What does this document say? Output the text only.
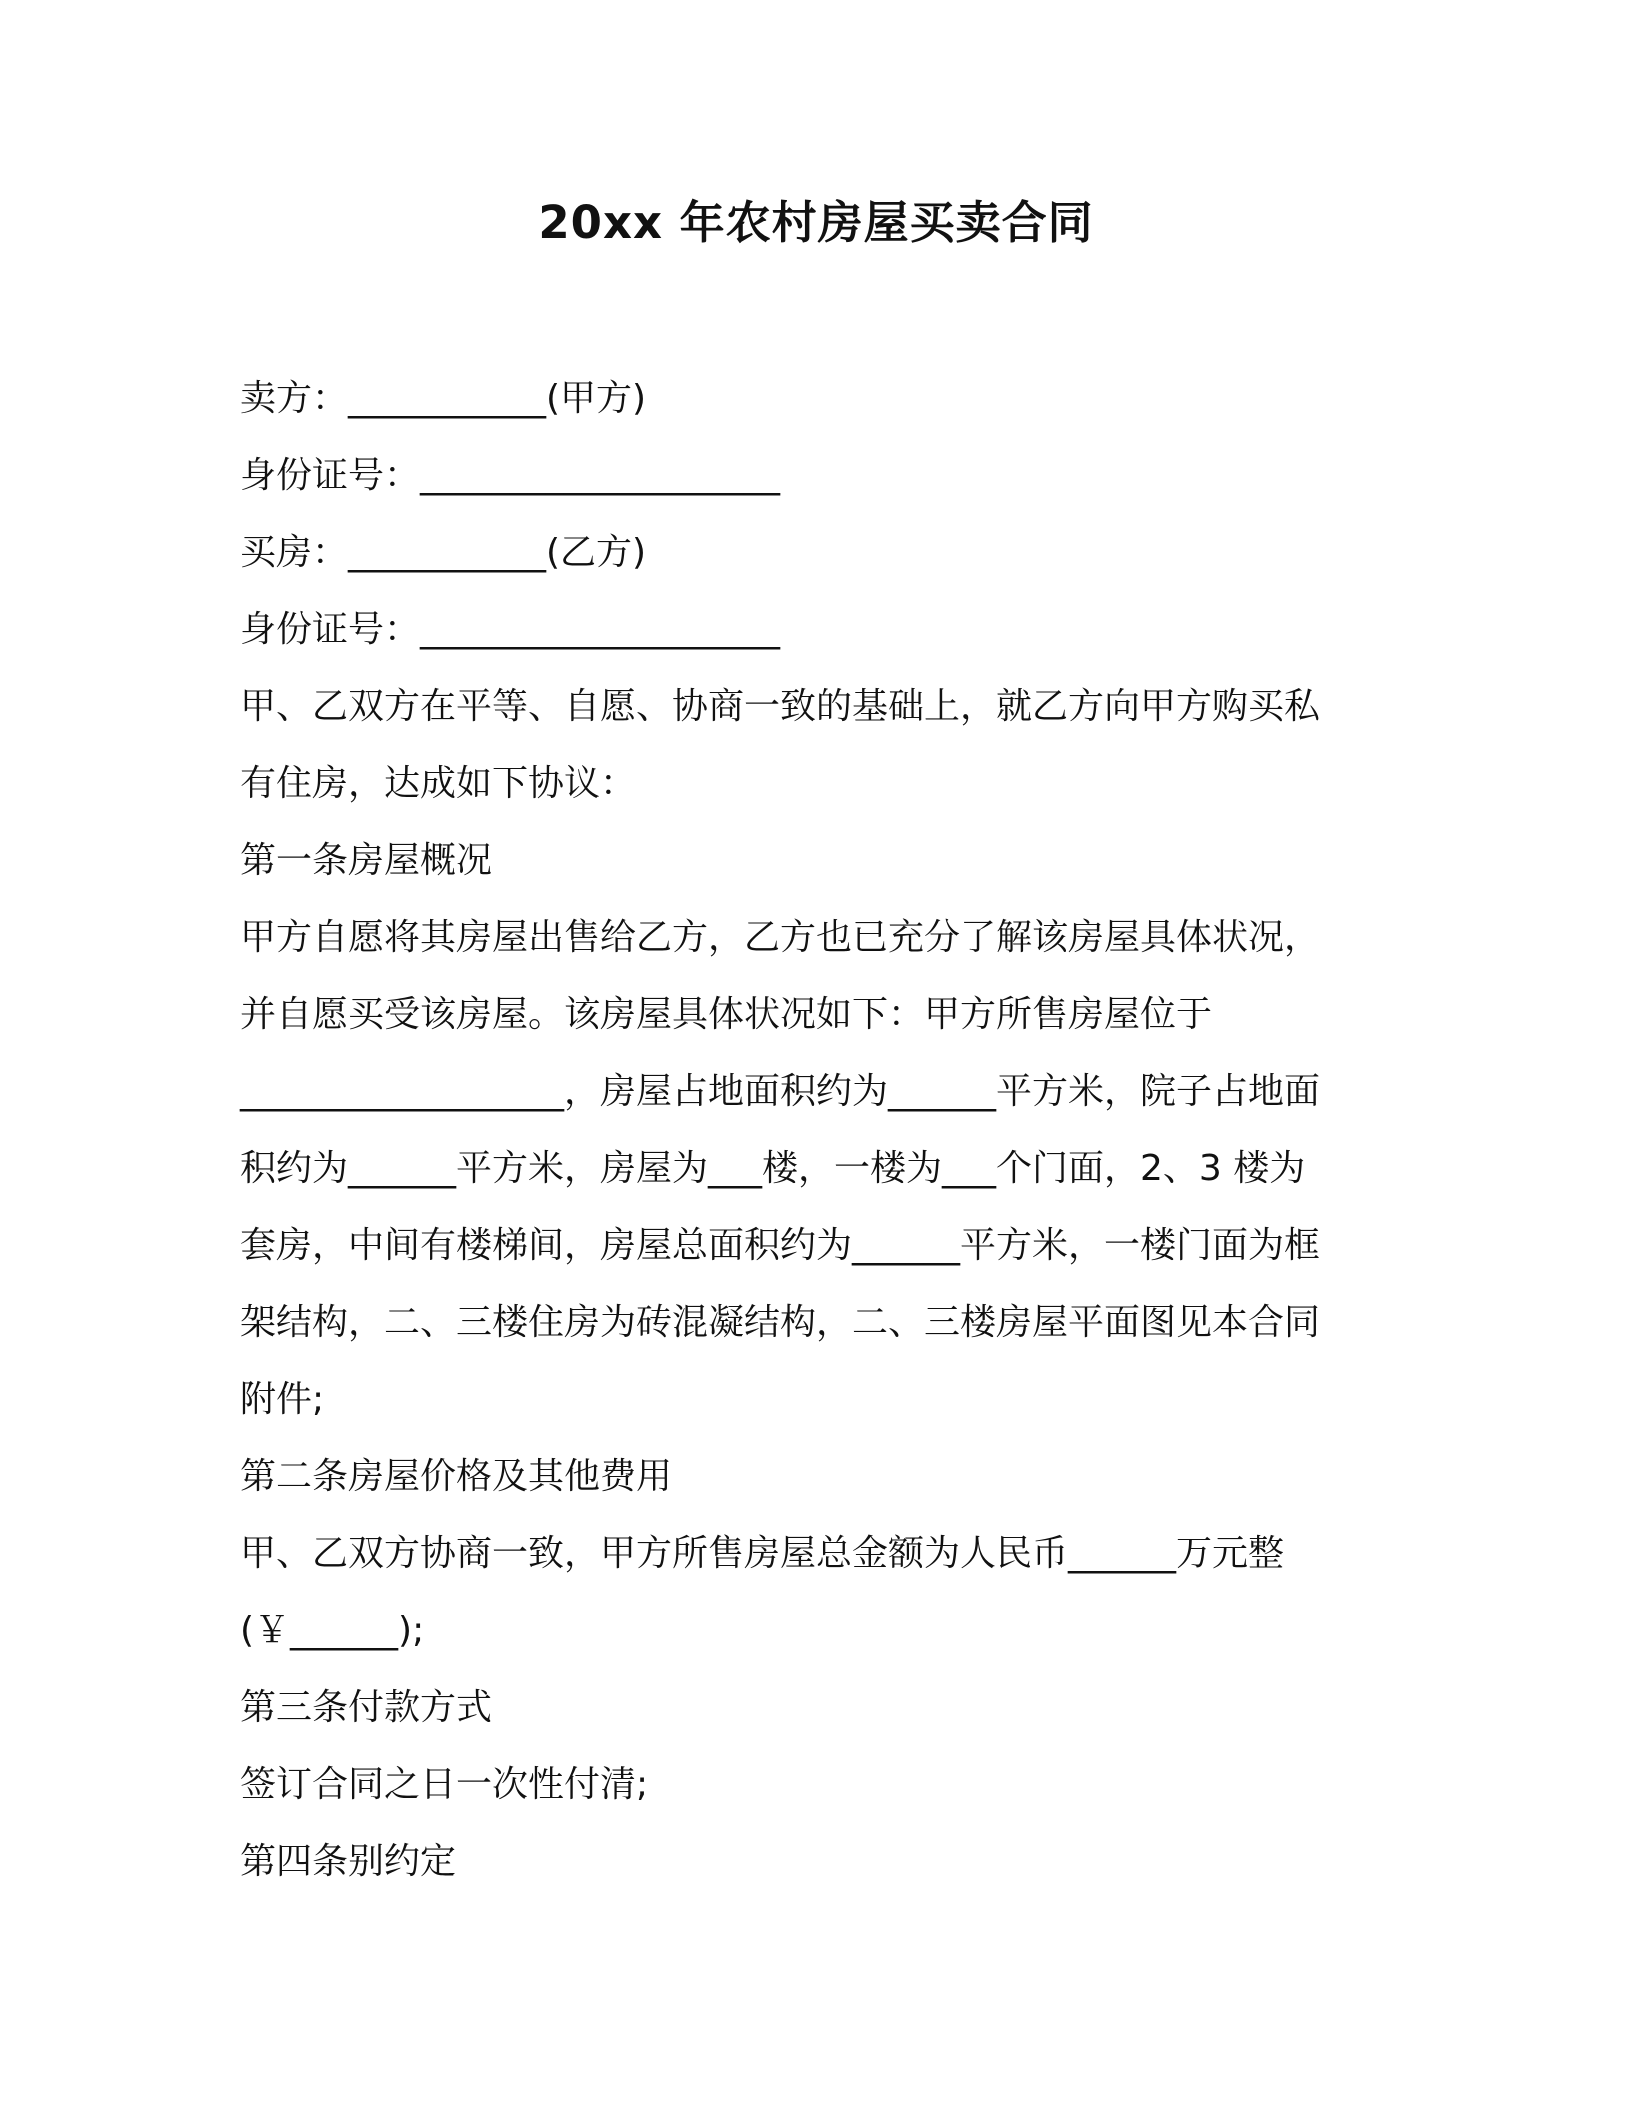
20xx 年农村房屋买卖合同

卖方：___________(甲方)

身份证号：____________________

买房：___________(乙方)

身份证号：____________________

甲、乙双方在平等、自愿、协商一致的基础上，就乙方向甲方购买私

有住房，达成如下协议：

第一条房屋概况

甲方自愿将其房屋出售给乙方，乙方也已充分了解该房屋具体状况，

并自愿买受该房屋。该房屋具体状况如下：甲方所售房屋位于

__________________，房屋占地面积约为______平方米，院子占地面

积约为______平方米，房屋为___楼，一楼为___个门面，2、3 楼为

套房，中间有楼梯间，房屋总面积约为______平方米，一楼门面为框

架结构，二、三楼住房为砖混凝结构，二、三楼房屋平面图见本合同

附件;

第二条房屋价格及其他费用

甲、乙双方协商一致，甲方所售房屋总金额为人民币______万元整

(￥______);

第三条付款方式

签订合同之日一次性付清;

第四条别约定
